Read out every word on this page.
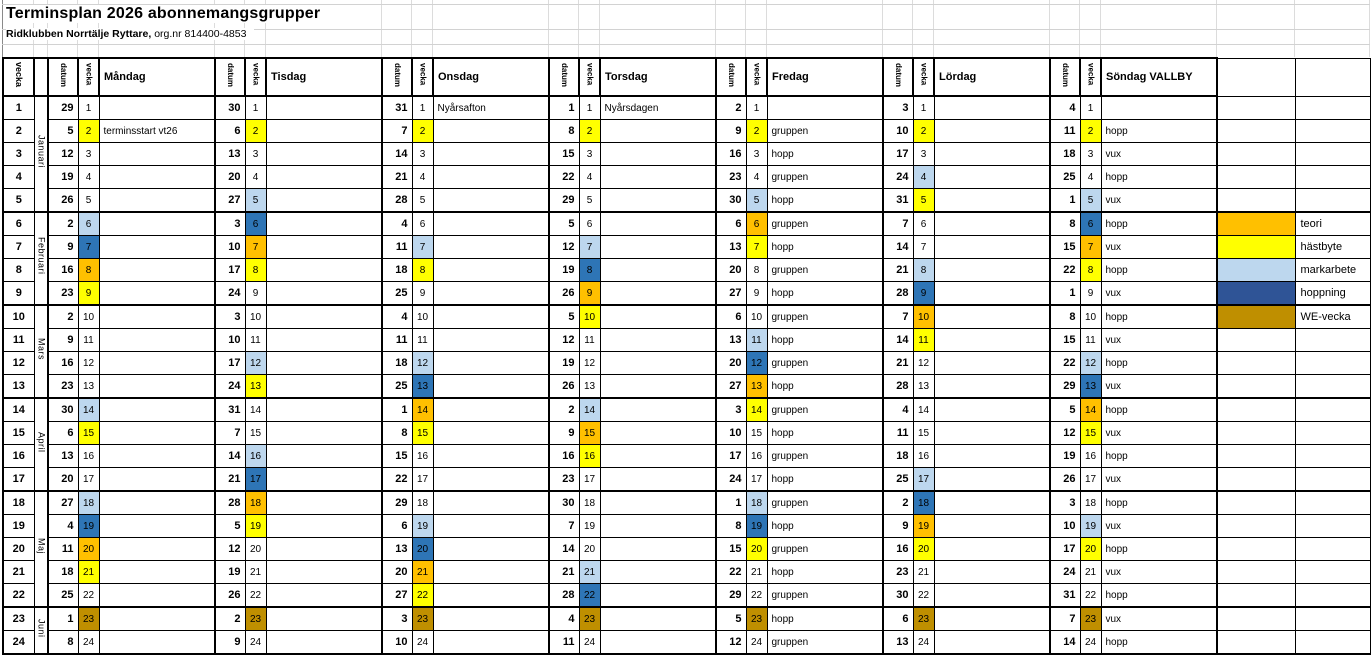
Terminsplan 2026 abonnemangsgrupper
Ridklubben Norrtälje Ryttare, org.nr 814400-4853
vecka		datum	vecka	Måndag	datum	vecka	Tisdag	datum	vecka	Onsdag	datum	vecka	Torsdag	datum	vecka	Fredag	datum	vecka	Lördag	datum	vecka	Söndag VALLBY		
1	Januari	29	1		30	1		31	1	Nyårsafton	1	1	Nyårsdagen	2	1		3	1		4	1			
2		5	2	terminsstart vt26	6	2		7	2		8	2		9	2	gruppen	10	2		11	2	hopp		
3		12	3		13	3		14	3		15	3		16	3	hopp	17	3		18	3	vux		
4		19	4		20	4		21	4		22	4		23	4	gruppen	24	4		25	4	hopp		
5		26	5		27	5		28	5		29	5		30	5	hopp	31	5		1	5	vux		
6	Februari	2	6		3	6		4	6		5	6		6	6	gruppen	7	6		8	6	hopp		teori
7		9	7		10	7		11	7		12	7		13	7	hopp	14	7		15	7	vux		hästbyte
8		16	8		17	8		18	8		19	8		20	8	gruppen	21	8		22	8	hopp		markarbete
9		23	9		24	9		25	9		26	9		27	9	hopp	28	9		1	9	vux		hoppning
10	Mars	2	10		3	10		4	10		5	10		6	10	gruppen	7	10		8	10	hopp		WE-vecka
11		9	11		10	11		11	11		12	11		13	11	hopp	14	11		15	11	vux		
12		16	12		17	12		18	12		19	12		20	12	gruppen	21	12		22	12	hopp		
13		23	13		24	13		25	13		26	13		27	13	hopp	28	13		29	13	vux		
14	April	30	14		31	14		1	14		2	14		3	14	gruppen	4	14		5	14	hopp		
15		6	15		7	15		8	15		9	15		10	15	hopp	11	15		12	15	vux		
16		13	16		14	16		15	16		16	16		17	16	gruppen	18	16		19	16	hopp		
17		20	17		21	17		22	17		23	17		24	17	hopp	25	17		26	17	vux		
18	Maj	27	18		28	18		29	18		30	18		1	18	gruppen	2	18		3	18	hopp		
19		4	19		5	19		6	19		7	19		8	19	hopp	9	19		10	19	vux		
20		11	20		12	20		13	20		14	20		15	20	gruppen	16	20		17	20	hopp		
21		18	21		19	21		20	21		21	21		22	21	hopp	23	21		24	21	vux		
22		25	22		26	22		27	22		28	22		29	22	gruppen	30	22		31	22	hopp		
23	Juni	1	23		2	23		3	23		4	23		5	23	hopp	6	23		7	23	vux		
24		8	24		9	24		10	24		11	24		12	24	gruppen	13	24		14	24	hopp		
